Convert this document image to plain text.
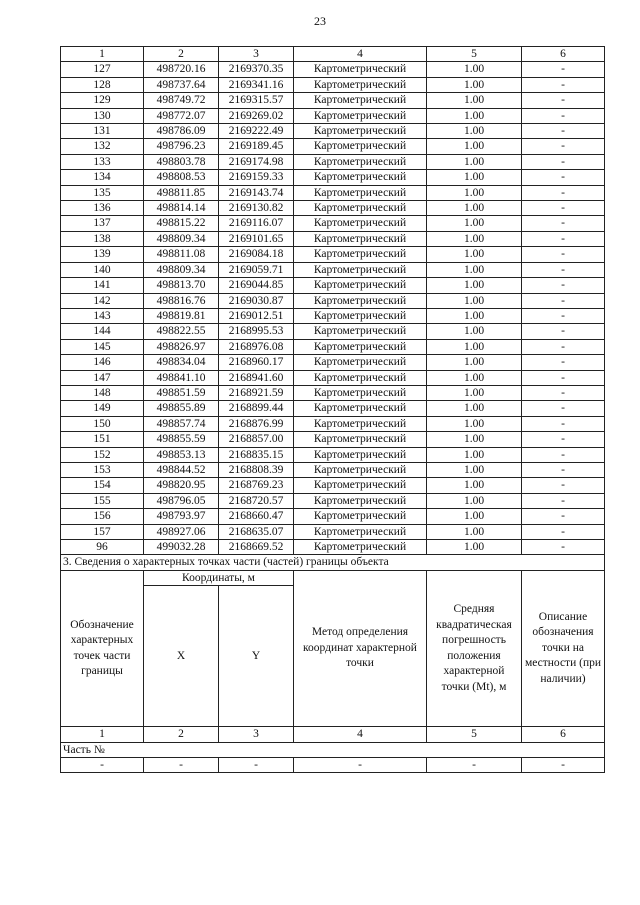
23
1	2	3	4	5	6
127	498720.16	2169370.35	Картометрический	1.00	-
128	498737.64	2169341.16	Картометрический	1.00	-
129	498749.72	2169315.57	Картометрический	1.00	-
130	498772.07	2169269.02	Картометрический	1.00	-
131	498786.09	2169222.49	Картометрический	1.00	-
132	498796.23	2169189.45	Картометрический	1.00	-
133	498803.78	2169174.98	Картометрический	1.00	-
134	498808.53	2169159.33	Картометрический	1.00	-
135	498811.85	2169143.74	Картометрический	1.00	-
136	498814.14	2169130.82	Картометрический	1.00	-
137	498815.22	2169116.07	Картометрический	1.00	-
138	498809.34	2169101.65	Картометрический	1.00	-
139	498811.08	2169084.18	Картометрический	1.00	-
140	498809.34	2169059.71	Картометрический	1.00	-
141	498813.70	2169044.85	Картометрический	1.00	-
142	498816.76	2169030.87	Картометрический	1.00	-
143	498819.81	2169012.51	Картометрический	1.00	-
144	498822.55	2168995.53	Картометрический	1.00	-
145	498826.97	2168976.08	Картометрический	1.00	-
146	498834.04	2168960.17	Картометрический	1.00	-
147	498841.10	2168941.60	Картометрический	1.00	-
148	498851.59	2168921.59	Картометрический	1.00	-
149	498855.89	2168899.44	Картометрический	1.00	-
150	498857.74	2168876.99	Картометрический	1.00	-
151	498855.59	2168857.00	Картометрический	1.00	-
152	498853.13	2168835.15	Картометрический	1.00	-
153	498844.52	2168808.39	Картометрический	1.00	-
154	498820.95	2168769.23	Картометрический	1.00	-
155	498796.05	2168720.57	Картометрический	1.00	-
156	498793.97	2168660.47	Картометрический	1.00	-
157	498927.06	2168635.07	Картометрический	1.00	-
96	499032.28	2168669.52	Картометрический	1.00	-
3. Сведения о характерных точках части (частей) границы объекта					
Обозначение характерных точек части границы	Координаты, м		Метод определения координат характерной точки	Средняя квадратическая погрешность положения характерной точки (Mt), м	Описание обозначения точки на местности (при наличии)
	X	Y			
1	2	3	4	5	6
Часть №					
-	-	-	-	-	-
